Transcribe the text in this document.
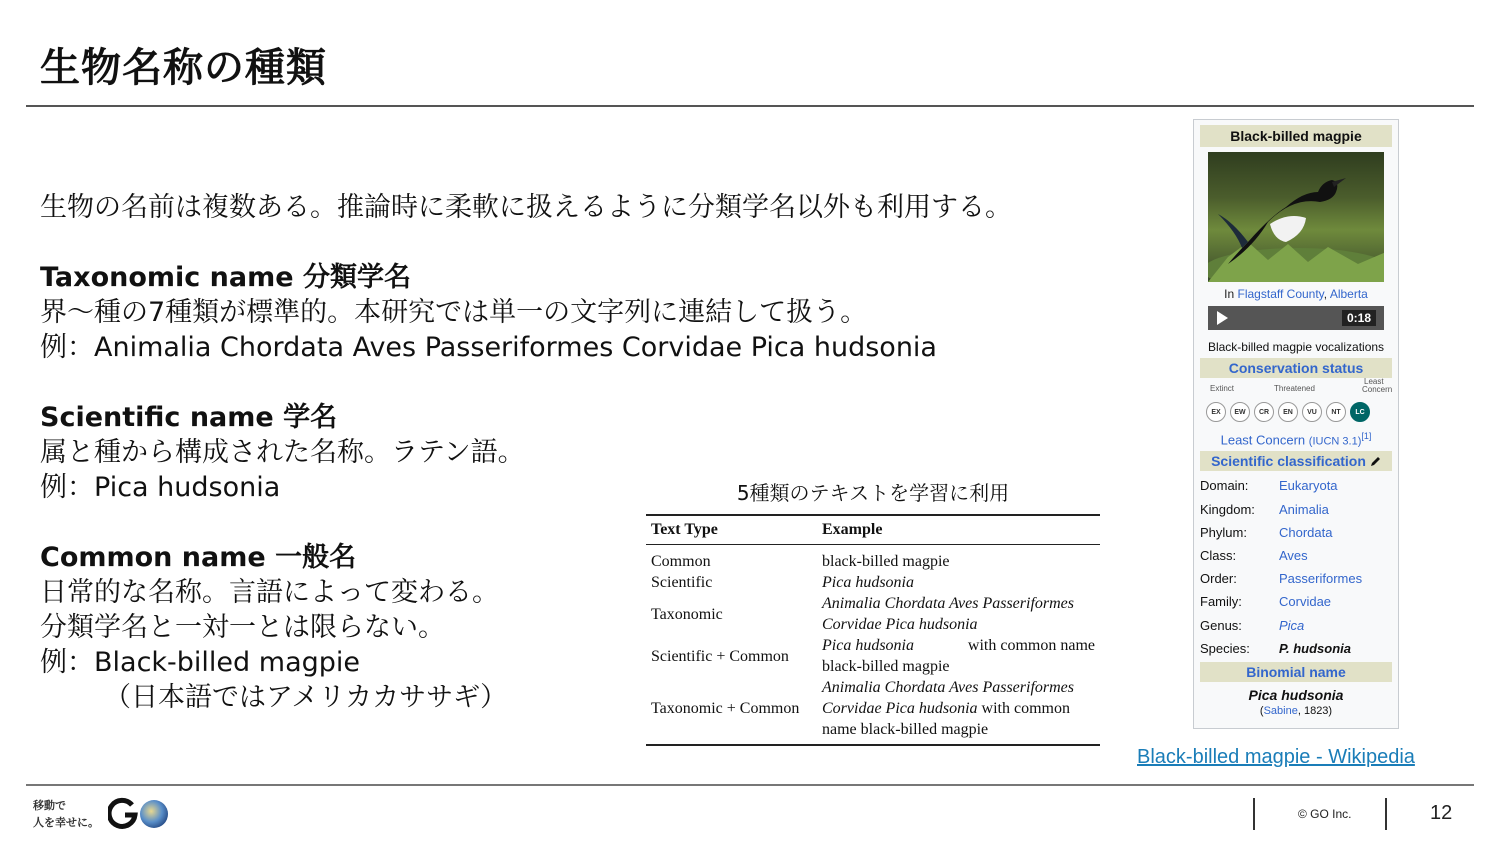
生物名称の種類
生物の名前は複数ある。推論時に柔軟に扱えるように分類学名以外も利用する。
Taxonomic name 分類学名
界〜種の7種類が標準的。本研究では単一の文字列に連結して扱う。
例：Animalia Chordata Aves Passeriformes Corvidae Pica hudsonia
Scientific name 学名
属と種から構成された名称。ラテン語。
例：Pica hudsonia
Common name 一般名
日常的な名称。言語によって変わる。
分類学名と一対一とは限らない。
例：Black-billed magpie
（日本語ではアメリカカササギ）
5種類のテキストを学習に利用
Text Type	Example
Common	black-billed magpie
Scientific	Pica hudsonia
Taxonomic	Animalia Chordata Aves Passeriformes
Corvidae Pica hudsonia

Scientific + Common	Pica hudsonia with common name
black-billed magpie

Taxonomic + Common	Animalia Chordata Aves Passeriformes
Corvidae Pica hudsonia with common
name black-billed magpie
Black-billed magpie
In Flagstaff County, Alberta
0:18
Black-billed magpie vocalizations
Conservation status
Extinct	Threatened
Least
Concern
EX	EW	CR	EN	VU	NT	LC
Least Concern (IUCN 3.1)[1]
Scientific classification
Domain:	Eukaryota
Kingdom:	Animalia
Phylum:	Chordata
Class:	Aves
Order:	Passeriformes
Family:	Corvidae
Genus:	Pica
Species:	P. hudsonia
Binomial name
Pica hudsonia
(Sabine, 1823)
Black-billed magpie - Wikipedia
移動で
人を幸せに。
© GO Inc.	12
